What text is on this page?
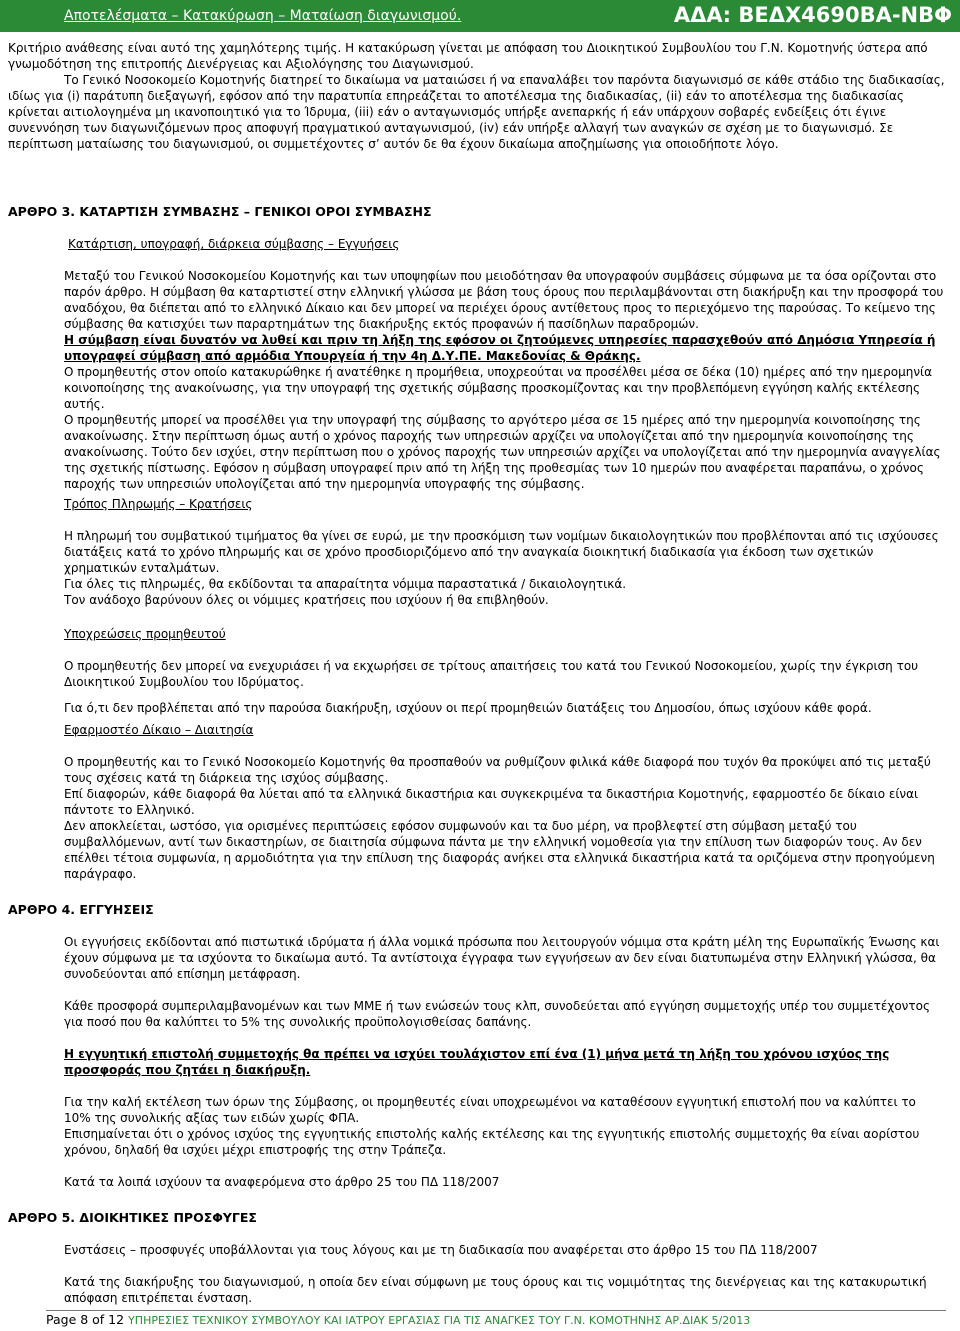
Αποτελέσματα – Κατακύρωση – Ματαίωση διαγωνισμού.	ΑΔΑ: ΒΕΔΧ4690ΒΑ-ΝΒΦ

Κριτήριο ανάθεσης είναι αυτό της χαμηλότερης τιμής. Η κατακύρωση γίνεται με απόφαση του Διοικητικού Συμβουλίου του Γ.Ν. Κομοτηνής ύστερα από γνωμοδότηση της επιτροπής Διενέργειας και Αξιολόγησης του Διαγωνισμού.

Το Γενικό Νοσοκομείο Κομοτηνής διατηρεί το δικαίωμα να ματαιώσει ή να επαναλάβει τον παρόντα διαγωνισμό σε κάθε στάδιο της διαδικασίας, ιδίως για (i) παράτυπη διεξαγωγή, εφόσον από την παρατυπία επηρεάζεται το αποτέλεσμα της διαδικασίας, (ii) εάν το αποτέλεσμα της διαδικασίας κρίνεται αιτιολογημένα μη ικανοποιητικό για το Ίδρυμα, (iii) εάν ο ανταγωνισμός υπήρξε ανεπαρκής ή εάν υπάρχουν σοβαρές ενδείξεις ότι έγινε συνεννόηση των διαγωνιζόμενων προς αποφυγή πραγματικού ανταγωνισμού, (iv) εάν υπήρξε αλλαγή των αναγκών σε σχέση με το διαγωνισμό. Σε περίπτωση ματαίωσης του διαγωνισμού, οι συμμετέχοντες σ’ αυτόν δε θα έχουν δικαίωμα αποζημίωσης για οποιοδήποτε λόγο.

ΑΡΘΡΟ 3. ΚΑΤΑΡΤΙΣΗ ΣΥΜΒΑΣΗΣ – ΓΕΝΙΚΟΙ ΟΡΟΙ ΣΥΜΒΑΣΗΣ
Κατάρτιση, υπογραφή, διάρκεια σύμβασης – Εγγυήσεις

Μεταξύ του Γενικού Νοσοκομείου Κομοτηνής και των υποψηφίων που μειοδότησαν θα υπογραφούν συμβάσεις σύμφωνα με τα όσα ορίζονται στο παρόν άρθρο. Η σύμβαση θα καταρτιστεί στην ελληνική γλώσσα με βάση τους όρους που περιλαμβάνονται στη διακήρυξη και την προσφορά του αναδόχου, θα διέπεται από το ελληνικό Δίκαιο και δεν μπορεί να περιέχει όρους αντίθετους προς το περιεχόμενο της παρούσας. Το κείμενο της σύμβασης θα κατισχύει των παραρτημάτων της διακήρυξης εκτός προφανών ή πασίδηλων παραδρομών.

Η σύμβαση είναι δυνατόν να λυθεί και πριν τη λήξη της εφόσον οι ζητούμενες υπηρεσίες παρασχεθούν από Δημόσια Υπηρεσία ή υπογραφεί σύμβαση από αρμόδια Υπουργεία ή την 4η Δ.Υ.ΠΕ. Μακεδονίας & Θράκης.

Ο προμηθευτής στον οποίο κατακυρώθηκε ή ανατέθηκε η προμήθεια, υποχρεούται να προσέλθει μέσα σε δέκα (10) ημέρες από την ημερομηνία κοινοποίησης της ανακοίνωσης, για την υπογραφή της σχετικής σύμβασης προσκομίζοντας και την προβλεπόμενη εγγύηση καλής εκτέλεσης αυτής.

Ο προμηθευτής μπορεί να προσέλθει για την υπογραφή της σύμβασης το αργότερο μέσα σε 15 ημέρες από την ημερομηνία κοινοποίησης της ανακοίνωσης. Στην περίπτωση όμως αυτή ο χρόνος παροχής των υπηρεσιών αρχίζει να υπολογίζεται από την ημερομηνία κοινοποίησης της ανακοίνωσης. Τούτο δεν ισχύει, στην περίπτωση που ο χρόνος παροχής των υπηρεσιών αρχίζει να υπολογίζεται από την ημερομηνία αναγγελίας της σχετικής πίστωσης. Εφόσον η σύμβαση υπογραφεί πριν από τη λήξη της προθεσμίας των 10 ημερών που αναφέρεται παραπάνω, ο χρόνος παροχής των υπηρεσιών υπολογίζεται από την ημερομηνία υπογραφής της σύμβασης.

Τρόπος Πληρωμής – Κρατήσεις

Η πληρωμή του συμβατικού τιμήματος θα γίνει σε ευρώ, με την προσκόμιση των νομίμων δικαιολογητικών που προβλέπονται από τις ισχύουσες διατάξεις κατά το χρόνο πληρωμής και σε χρόνο προσδιοριζόμενο από την αναγκαία διοικητική διαδικασία για έκδοση των σχετικών χρηματικών ενταλμάτων.

Για όλες τις πληρωμές, θα εκδίδονται τα απαραίτητα νόμιμα παραστατικά / δικαιολογητικά.

Τον ανάδοχο βαρύνουν όλες οι νόμιμες κρατήσεις που ισχύουν ή θα επιβληθούν.

Υποχρεώσεις προμηθευτού

Ο προμηθευτής δεν μπορεί να ενεχυριάσει ή να εκχωρήσει σε τρίτους απαιτήσεις του κατά του Γενικού Νοσοκομείου, χωρίς την έγκριση του Διοικητικού Συμβουλίου του Ιδρύματος.

Για ό,τι δεν προβλέπεται από την παρούσα διακήρυξη, ισχύουν οι περί προμηθειών διατάξεις του Δημοσίου, όπως ισχύουν κάθε φορά.

Εφαρμοστέο Δίκαιο – Διαιτησία

Ο προμηθευτής και το Γενικό Νοσοκομείο Κομοτηνής θα προσπαθούν να ρυθμίζουν φιλικά κάθε διαφορά που τυχόν θα προκύψει από τις μεταξύ τους σχέσεις κατά τη διάρκεια της ισχύος σύμβασης.

Επί διαφορών, κάθε διαφορά θα λύεται από τα ελληνικά δικαστήρια και συγκεκριμένα τα δικαστήρια Κομοτηνής, εφαρμοστέο δε δίκαιο είναι πάντοτε το Ελληνικό.

Δεν αποκλείεται, ωστόσο, για ορισμένες περιπτώσεις εφόσον συμφωνούν και τα δυο μέρη, να προβλεφτεί στη σύμβαση μεταξύ του συμβαλλόμενων, αντί των δικαστηρίων, σε διαιτησία σύμφωνα πάντα με την ελληνική νομοθεσία για την επίλυση των διαφορών τους. Αν δεν επέλθει τέτοια συμφωνία, η αρμοδιότητα για την επίλυση της διαφοράς ανήκει στα ελληνικά δικαστήρια κατά τα οριζόμενα στην προηγούμενη παράγραφο.

ΑΡΘΡΟ 4. ΕΓΓΥΗΣΕΙΣ

Οι εγγυήσεις εκδίδονται από πιστωτικά ιδρύματα ή άλλα νομικά πρόσωπα που λειτουργούν νόμιμα στα κράτη μέλη της Ευρωπαϊκής Ένωσης και έχουν σύμφωνα με τα ισχύοντα το δικαίωμα αυτό. Τα αντίστοιχα έγγραφα των εγγυήσεων αν δεν είναι διατυπωμένα στην Ελληνική γλώσσα, θα συνοδεύονται από επίσημη μετάφραση.

Κάθε προσφορά συμπεριλαμβανομένων και των ΜΜΕ ή των ενώσεών τους κλπ, συνοδεύεται από εγγύηση συμμετοχής υπέρ του συμμετέχοντος για ποσό που θα καλύπτει το 5% της συνολικής προϋπολογισθείσας δαπάνης.

Η εγγυητική επιστολή συμμετοχής θα πρέπει να ισχύει τουλάχιστον επί ένα (1) μήνα μετά τη λήξη του χρόνου ισχύος της προσφοράς που ζητάει η διακήρυξη.

Για την καλή εκτέλεση των όρων της Σύμβασης, οι προμηθευτές είναι υποχρεωμένοι να καταθέσουν εγγυητική επιστολή που να καλύπτει το 10% της συνολικής αξίας των ειδών χωρίς ΦΠΑ.

Επισημαίνεται ότι ο χρόνος ισχύος της εγγυητικής επιστολής καλής εκτέλεσης και της εγγυητικής επιστολής συμμετοχής θα είναι αορίστου χρόνου, δηλαδή θα ισχύει μέχρι επιστροφής της στην Τράπεζα.

Κατά τα λοιπά ισχύουν τα αναφερόμενα στο άρθρο 25 του ΠΔ 118/2007

ΑΡΘΡΟ 5. ΔΙΟΙΚΗΤΙΚΕΣ ΠΡΟΣΦΥΓΕΣ

Ενστάσεις – προσφυγές υποβάλλονται για τους λόγους και με τη διαδικασία που αναφέρεται στο άρθρο 15 του ΠΔ 118/2007

Κατά της διακήρυξης του διαγωνισμού, η οποία δεν είναι σύμφωνη με τους όρους και τις νομιμότητας της διενέργειας και της κατακυρωτική απόφαση επιτρέπεται ένσταση.

Page 8 of 12 ΥΠΗΡΕΣΙΕΣ ΤΕΧΝΙΚΟΥ ΣΥΜΒΟΥΛΟΥ ΚΑΙ ΙΑΤΡΟΥ ΕΡΓΑΣΙΑΣ ΓΙΑ ΤΙΣ ΑΝΑΓΚΕΣ ΤΟΥ Γ.Ν. ΚΟΜΟΤΗΝΗΣ ΑΡ.ΔΙΑΚ 5/2013
